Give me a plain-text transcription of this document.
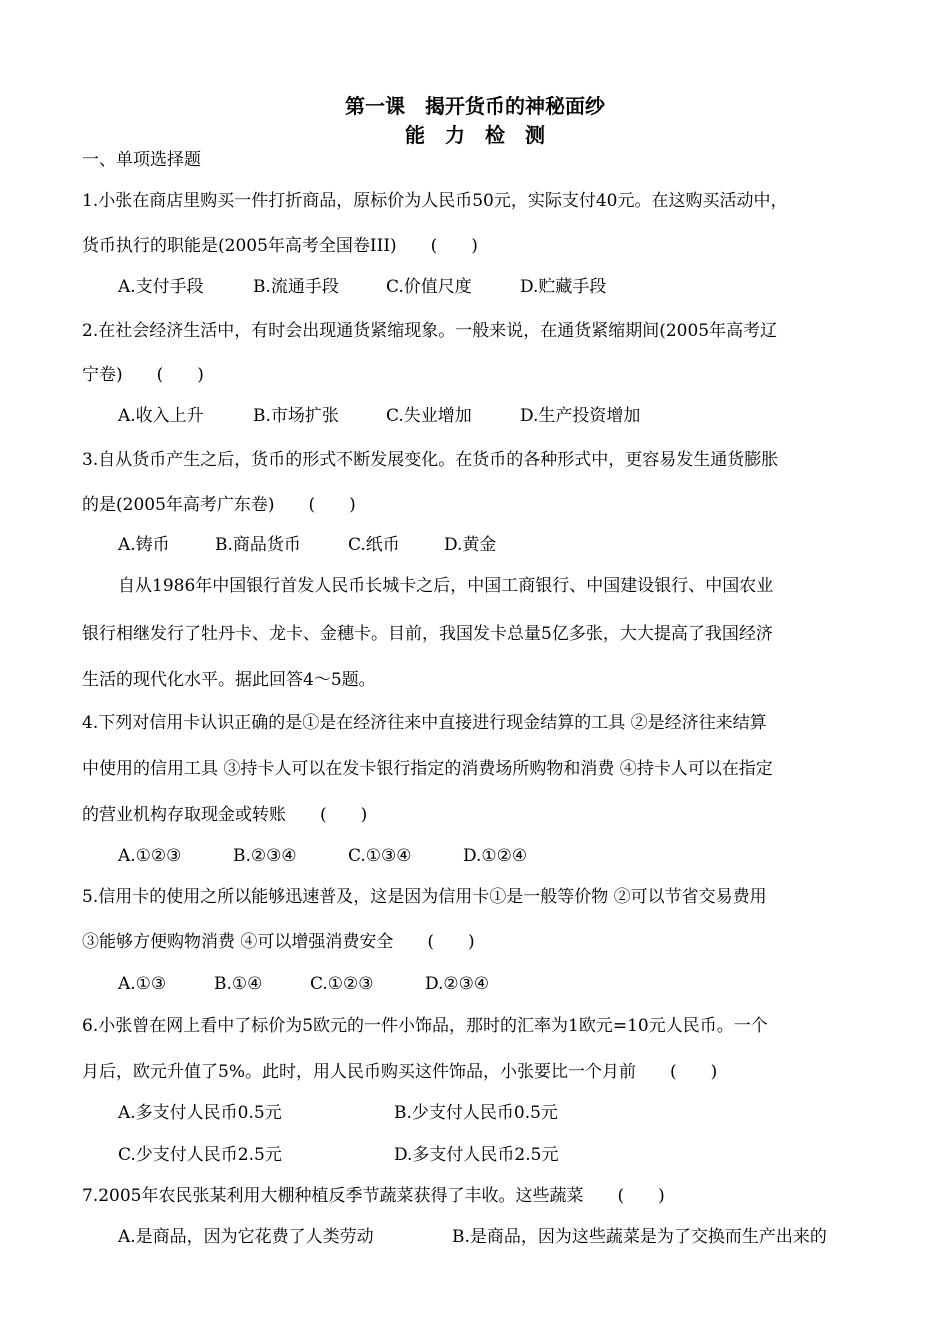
第一课　揭开货币的神秘面纱
能　力　检　测
一、单项选择题
1.小张在商店里购买一件打折商品，原标价为人民币50元，实际支付40元。在这购买活动中，
货币执行的职能是(2005年高考全国卷III)　　(　　)
A.支付手段	B.流通手段	C.价值尺度	D.贮藏手段
2.在社会经济生活中，有时会出现通货紧缩现象。一般来说，在通货紧缩期间(2005年高考辽
宁卷)　　(　　)
A.收入上升	B.市场扩张	C.失业增加	D.生产投资增加
3.自从货币产生之后，货币的形式不断发展变化。在货币的各种形式中，更容易发生通货膨胀
的是(2005年高考广东卷)　　(　　)
A.铸币	B.商品货币	C.纸币	D.黄金
自从1986年中国银行首发人民币长城卡之后，中国工商银行、中国建设银行、中国农业
银行相继发行了牡丹卡、龙卡、金穗卡。目前，我国发卡总量5亿多张，大大提高了我国经济
生活的现代化水平。据此回答4～5题。
4.下列对信用卡认识正确的是①是在经济往来中直接进行现金结算的工具 ②是经济往来结算
中使用的信用工具 ③持卡人可以在发卡银行指定的消费场所购物和消费 ④持卡人可以在指定
的营业机构存取现金或转账　　(　　)
A.①②③	B.②③④	C.①③④	D.①②④
5.信用卡的使用之所以能够迅速普及，这是因为信用卡①是一般等价物 ②可以节省交易费用
③能够方便购物消费 ④可以增强消费安全　　(　　)
A.①③	B.①④	C.①②③	D.②③④
6.小张曾在网上看中了标价为5欧元的一件小饰品，那时的汇率为1欧元=10元人民币。一个
月后，欧元升值了5%。此时，用人民币购买这件饰品，小张要比一个月前　　(　　)
A.多支付人民币0.5元	B.少支付人民币0.5元
C.少支付人民币2.5元	D.多支付人民币2.5元
7.2005年农民张某利用大棚种植反季节蔬菜获得了丰收。这些蔬菜　　(　　)
A.是商品，因为它花费了人类劳动	B.是商品，因为这些蔬菜是为了交换而生产出来的
